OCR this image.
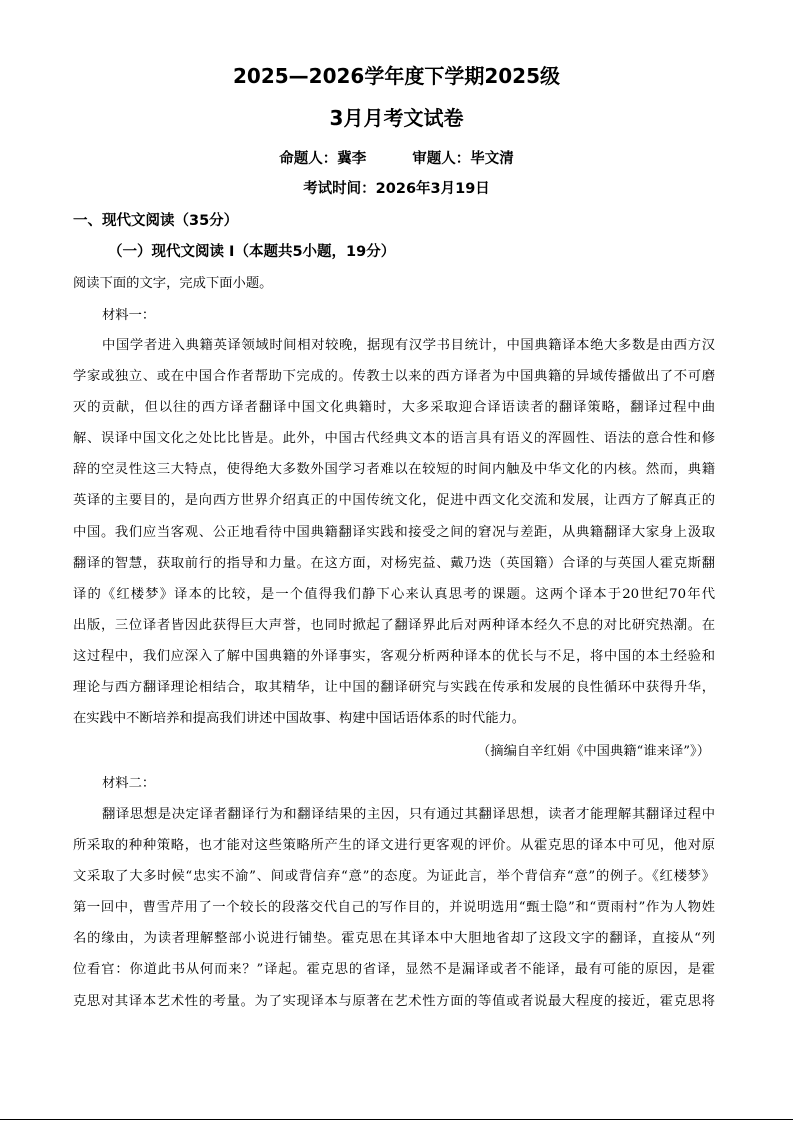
2025—2026学年度下学期2025级
3月月考文试卷
命题人：冀李	审题人：毕文清
考试时间：2026年3月19日
一、现代文阅读（35分）
（一）现代文阅读 I（本题共5小题，19分）
阅读下面的文字，完成下面小题。
材料一：
中国学者进入典籍英译领域时间相对较晚，据现有汉学书目统计，中国典籍译本绝大多数是由西方汉
学家或独立、或在中国合作者帮助下完成的。传教士以来的西方译者为中国典籍的异域传播做出了不可磨
灭的贡献，但以往的西方译者翻译中国文化典籍时，大多采取迎合译语读者的翻译策略，翻译过程中曲
解、误译中国文化之处比比皆是。此外，中国古代经典文本的语言具有语义的浑圆性、语法的意合性和修
辞的空灵性这三大特点，使得绝大多数外国学习者难以在较短的时间内触及中华文化的内核。然而，典籍
英译的主要目的，是向西方世界介绍真正的中国传统文化，促进中西文化交流和发展，让西方了解真正的
中国。我们应当客观、公正地看待中国典籍翻译实践和接受之间的窘况与差距，从典籍翻译大家身上汲取
翻译的智慧，获取前行的指导和力量。在这方面，对杨宪益、戴乃迭（英国籍）合译的与英国人霍克斯翻
译的《红楼梦》译本的比较，是一个值得我们静下心来认真思考的课题。这两个译本于20世纪70年代
出版，三位译者皆因此获得巨大声誉，也同时掀起了翻译界此后对两种译本经久不息的对比研究热潮。在
这过程中，我们应深入了解中国典籍的外译事实，客观分析两种译本的优长与不足，将中国的本土经验和
理论与西方翻译理论相结合，取其精华，让中国的翻译研究与实践在传承和发展的良性循环中获得升华，
在实践中不断培养和提高我们讲述中国故事、构建中国话语体系的时代能力。
（摘编自辛红娟《中国典籍“谁来译”》）
材料二：
翻译思想是决定译者翻译行为和翻译结果的主因，只有通过其翻译思想，读者才能理解其翻译过程中
所采取的种种策略，也才能对这些策略所产生的译文进行更客观的评价。从霍克思的译本中可见，他对原
文采取了大多时候“忠实不渝”、间或背信弃“意”的态度。为证此言，举个背信弃“意”的例子。《红楼梦》
第一回中，曹雪芹用了一个较长的段落交代自己的写作目的，并说明选用“甄士隐”和“贾雨村”作为人物姓
名的缘由，为读者理解整部小说进行铺垫。霍克思在其译本中大胆地省却了这段文字的翻译，直接从“列
位看官：你道此书从何而来？”译起。霍克思的省译，显然不是漏译或者不能译，最有可能的原因，是霍
克思对其译本艺术性的考量。为了实现译本与原著在艺术性方面的等值或者说最大程度的接近，霍克思将
